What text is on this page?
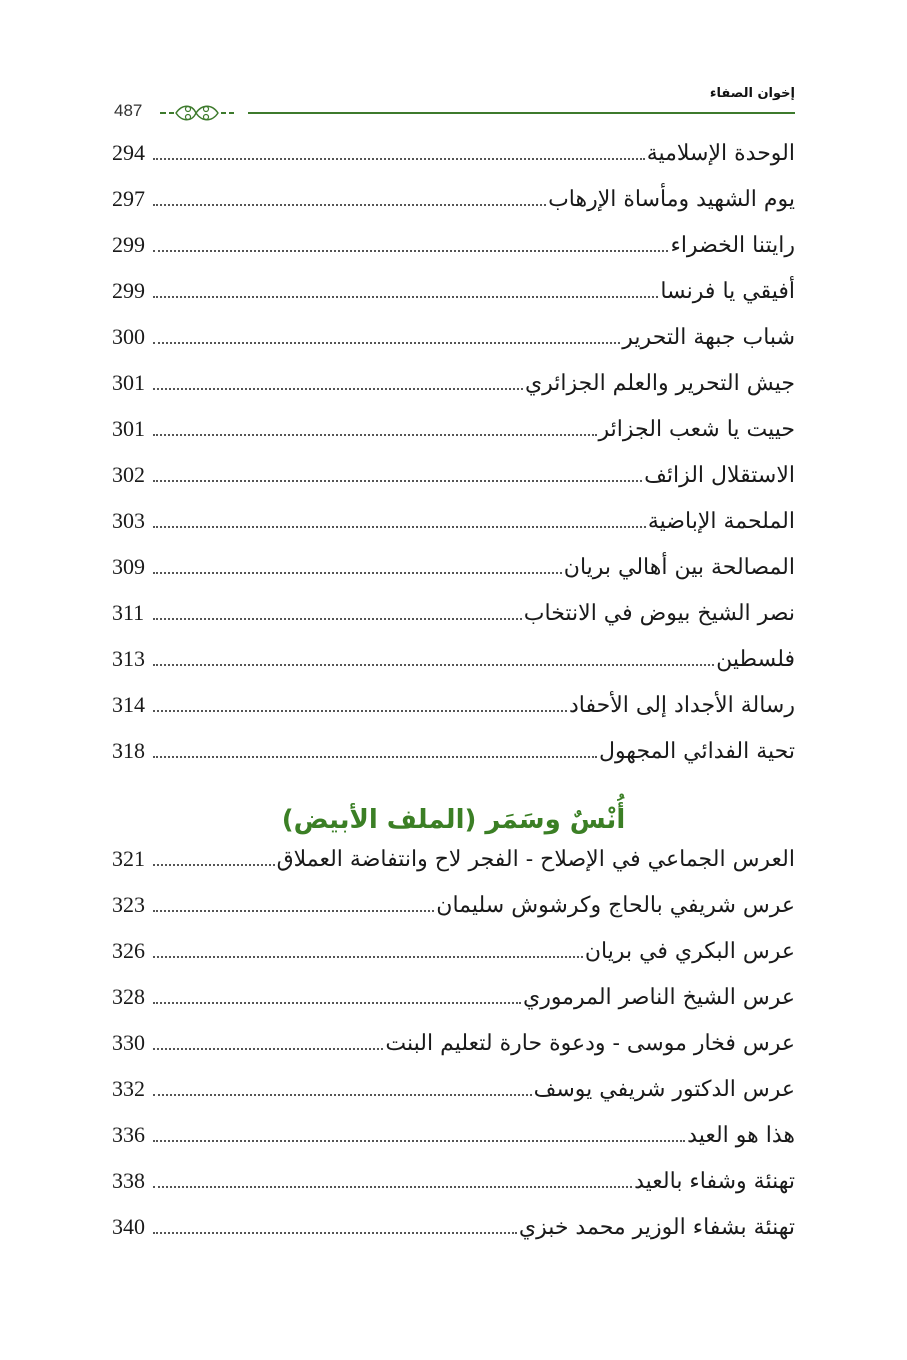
إخوان الصفاء
487
الوحدة الإسلامية
294
يوم الشهيد ومأساة الإرهاب
297
رايتنا الخضراء
299
أفيقي يا فرنسا
299
شباب جبهة التحرير
300
جيش التحرير والعلم الجزائري
301
حييت يا شعب الجزائر
301
الاستقلال الزائف
302
الملحمة الإباضية
303
المصالحة بين أهالي بريان
309
نصر الشيخ بيوض في الانتخاب
311
فلسطين
313
رسالة الأجداد إلى الأحفاد
314
تحية الفدائي المجهول
318
أُنْسٌ وسَمَر (الملف الأبيض)
العرس الجماعي في الإصلاح - الفجر لاح وانتفاضة العملاق
321
عرس شريفي بالحاج وكرشوش سليمان
323
عرس البكري في بريان
326
عرس الشيخ الناصر المرموري
328
عرس فخار موسى - ودعوة حارة لتعليم البنت
330
عرس الدكتور شريفي يوسف
332
هذا هو العيد
336
تهنئة وشفاء بالعيد
338
تهنئة بشفاء الوزير محمد خبزي
340
